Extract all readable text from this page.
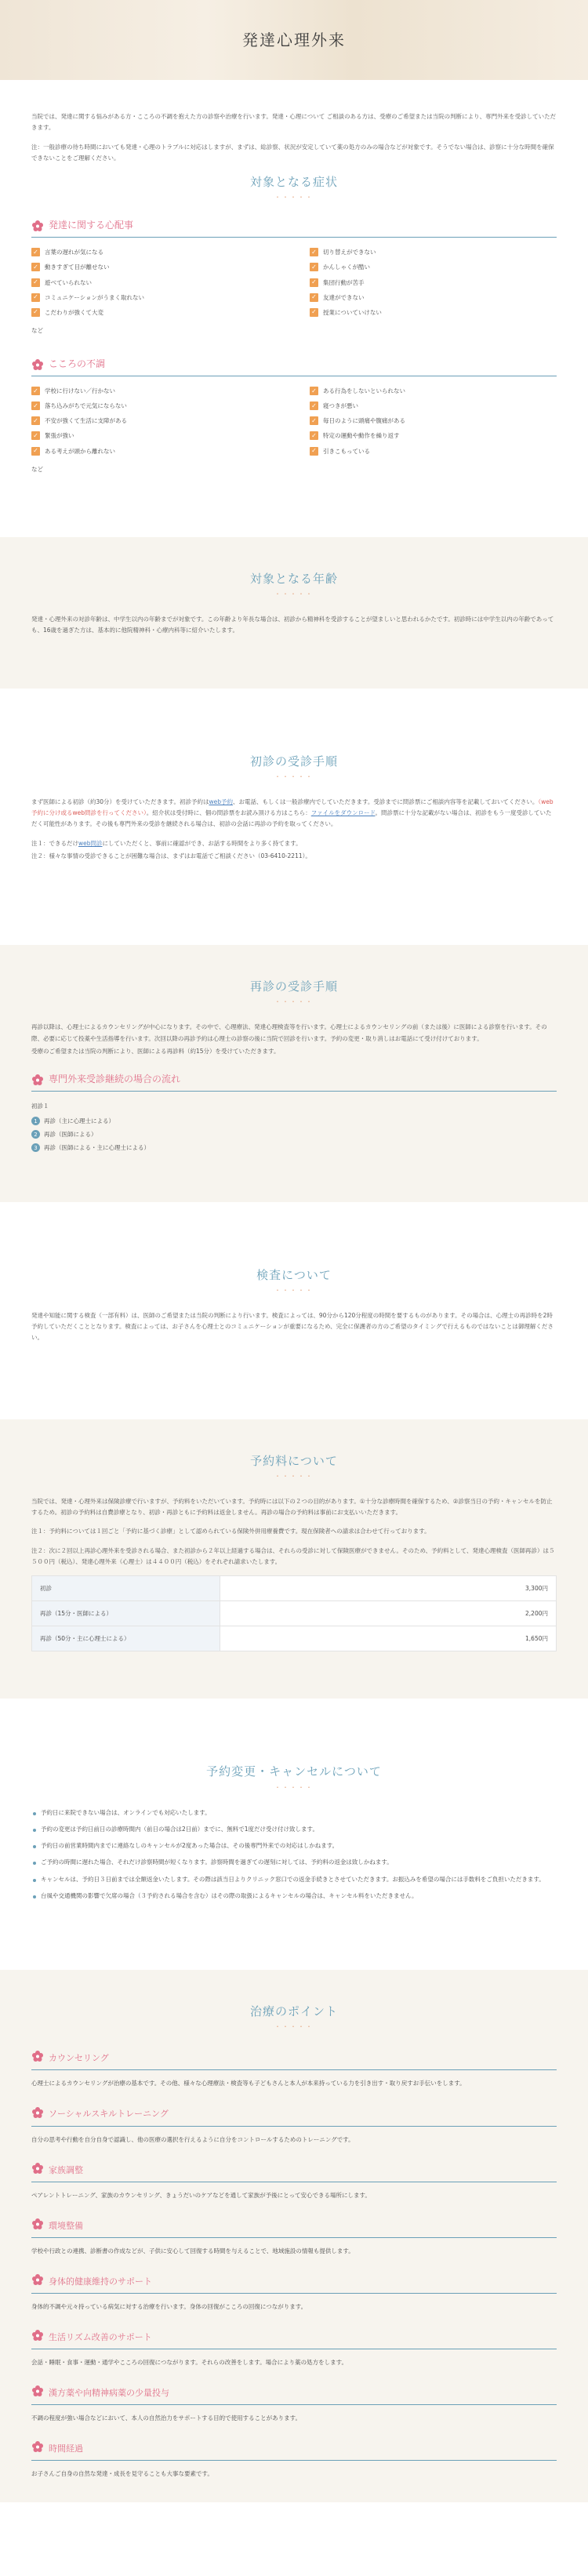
発達心理外来

当院では、発達に関する悩みがある方・こころの不調を抱えた方の診察や治療を行います。発達・心理について ご相談のある方は、受療のご希望または当院の判断により、専門外来を受診していただきます。

注：一般診療の待ち時間においても発達・心理のトラブルに対応はしますが、まずは、総診察、状況が安定していて薬の処方のみの場合などが対象です。そうでない場合は、診察に十分な時間を確保できないことをご理解ください。

対象となる症状
・・・・・
発達に関する心配事
✓ 言葉の遅れが気になる	✓ 切り替えができない
✓ 動きすぎて目が離せない	✓ かんしゃくが酷い
✓ 遊べていられない	✓ 集団行動が苦手
✓ コミュニケーションがうまく取れない	✓ 友達ができない
✓ こだわりが強くて大変	✓ 授業についていけない
など
こころの不調
✓ 学校に行けない／行かない	✓ ある行為をしないといられない
✓ 落ち込みがちで元気にならない	✓ 寝つきが悪い
✓ 不安が強くて生活に支障がある	✓ 毎日のように頭痛や腹痛がある
✓ 緊張が強い	✓ 特定の運動や動作を繰り返す
✓ ある考えが頭から離れない	✓ 引きこもっている
など
対象となる年齢
・・・・・

発達・心理外来の対診年齢は、中学生以内の年齢までが対象です。この年齢より年長な場合は、初診から精神科を受診することが望ましいと思われるかたです。初診時には中学生以内の年齢であっても、16歳を過ぎた方は、基本的に他院精神科・心療内科等に紹介いたします。

初診の受診手順
・・・・・

まず医師による初診（約30分）を受けていただきます。初診予約はweb予約、お電話、もしくは一般診療内でしていただきます。受診までに問診票にご相談内容等を記載しておいてください。（web予約に分け或るweb問診を行ってください）。紹介状は受付時に、個の問診票をお読み頂ける方はこちら：ファイルをダウンロード。問診票に十分な記載がない場合は、初診をもう一度受診していただく可能性があります。その後も専門外来の受診を継続される場合は、初診の会話に再診の予約を取ってください。

注１：できるだけweb問診にしていただくと、事前に確認ができ、お話する時間をより多く持てます。

注２：様々な事情の受診できることが困難な場合は、まずはお電話でご相談ください（03-6410-2211）。

再診の受診手順
・・・・・

再診以降は、心理士によるカウンセリングが中心になります。その中で、心理療法、発達心理検査等を行います。心理士によるカウンセリングの前（または後）に医師による診察を行います。その際、必要に応じて投薬や生活指導を行います。次回以降の再診予約は心理士の診察の後に当院で回診を行います。予約の変更・取り消しはお電話にて受け付けております。

受療のご希望または当院の判断により、医師による再診料（約15分）を受けていただきます。

専門外来受診継続の場合の流れ
初診１
1	再診（主に心理士による）
2	再診（医師による）
3	再診（医師による・主に心理士による）
検査について
・・・・・

発達や知能に関する検査（一部有料）は、医師のご希望または当院の判断により行います。検査によっては、90分から120分程度の時間を要するものがあります。その場合は、心理士の再診時を2時予約していただくこととなります。検査によっては、お子さんを心理士とのコミュニケーションが重要になるため、完全に保護者の方のご希望のタイミングで行えるものではないことは御理解ください。

予約料について
・・・・・

当院では、発達・心理外来は保険診療で行いますが、予約料をいただいています。予約時には以下の２つの目的があります。①十分な診療時間を確保するため、②診察当日の予約・キャンセルを防止するため。初診の予約料は自費診療となり、初診・再診ともに予約料は返金しません。再診の場合の予約料は事前にお支払いいただきます。

注１：予約料については１回ごと「予約に基づく診療」として認められている保険外併用療養費です。現在保険者への請求は合わせて行っております。

注２：次に２回以上再診心理外来を受診される場合、また初診から２年以上経過する場合は、それらの受診に対して保険医療ができません。そのため、予約料として、発達心理検査（医師再診）は５５００円（税込）、発達心理外来（心理士）は４４００円（税込）をそれぞれ請求いたします。

初診	3,300円
再診（15分・医師による）	2,200円
再診（50分・主に心理士による）	1,650円
予約変更・キャンセルについて
・・・・・
予約日に来院できない場合は、オンラインでも対応いたします。
予約の変更は予約日前日の診療時間内（前日の場合は2日前）までに、無料で1度だけ受け付け致します。
予約日の前営業時間内までに連絡なしのキャンセルが2度あった場合は、その後専門外来での対応はしかねます。
ご予約の時間に遅れた場合、それだけ診察時間が短くなります。診察時間を過ぎての遅刻に対しては、予約料の返金は致しかねます。
キャンセルは、予約日３日前までは全額返金いたします。その際は該当日よりクリニック窓口での返金手続きとさせていただきます。お振込みを希望の場合には手数料をご負担いただきます。
台風や交通機関の影響で欠席の場合（３予約される場合を含む）はその際の取扱によるキャンセルの場合は、キャンセル料をいただきません。
治療のポイント
・・・・・
カウンセリング

心理士によるカウンセリングが治療の基本です。その他、様々な心理療法・検査等も子どもさんと本人が本来持っている力を引き出す・取り戻すお手伝いをします。

ソーシャルスキルトレーニング

自分の思考や行動を自分自身で認識し、他の医療の選択を行えるように自分をコントロールするためのトレーニングです。

家族調整

ペアレントトレーニング、家族のカウンセリング、きょうだいのケアなどを通して家族が予後にとって安心できる場所にします。

環境整備

学校や行政との連携、診断書の作成などが、子供に安心して回復する時間を与えることで、地域施設の情報も提供します。

身体的健康維持のサポート

身体的不調や元々持っている病気に対する治療を行います。身体の回復がこころの回復につながります。

生活リズム改善のサポート

会話・睡眠・食事・運動・通学やこころの回復につながります。それらの改善をします。場合により薬の処方をします。

漢方薬や向精神病薬の少量投与

不調の程度が強い場合などにおいて、本人の自然治力をサポートする目的で使用することがあります。

時間経過

お子さんご自身の自然な発達・成長を見守ることも大事な要素です。
